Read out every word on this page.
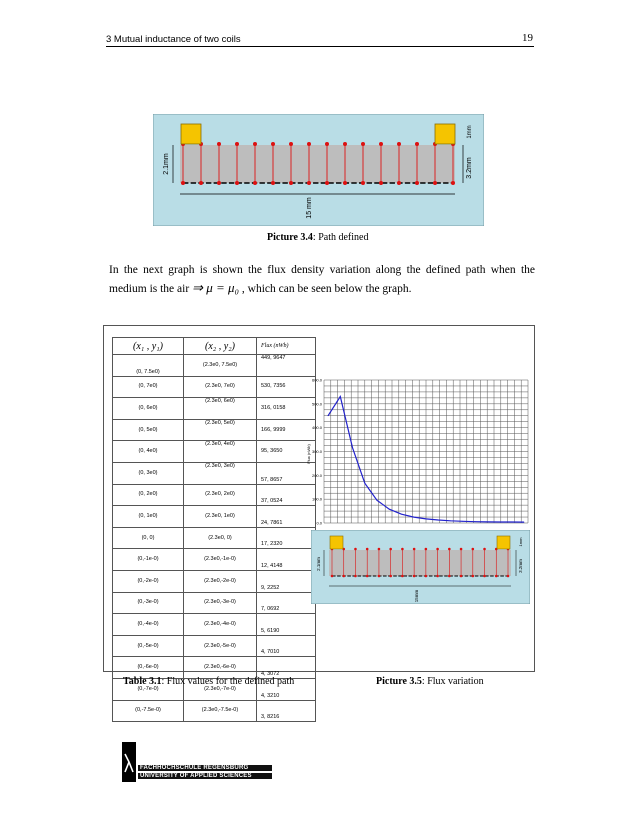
3 Mutual inductance of two coils	19
2.1mm	3.2mm
1mm
15 mm
Picture 3.4: Path defined
In the next graph is shown the flux density variation along the defined path when the medium is the air ⇒ μ = μ₀ , which can be seen below the graph.
(x₁ , y₁)	(x₂ , y₂)	Flux (nWb)
(0, 7.5e0)	(2.3e0, 7.5e0)	449, 9647
(0, 7e0)	(2.3e0, 7e0)	530, 7356
(0, 6e0)	(2.3e0, 6e0)	316, 0158
(0, 5e0)	(2.3e0, 5e0)	166, 9999
(0, 4e0)	(2.3e0, 4e0)	95, 3650
(0, 3e0)	(2.3e0, 3e0)	57, 8657
(0, 2e0)	(2.3e0, 2e0)	37, 0524
(0, 1e0)	(2.3e0, 1e0)	24, 7861
(0, 0)	(2.3e0, 0)	17, 2320
(0,-1e-0)	(2.3e0,-1e-0)	12, 4148
(0,-2e-0)	(2.3e0,-2e-0)	9, 2252
(0,-3e-0)	(2.3e0,-3e-0)	7, 0692
(0,-4e-0)	(2.3e0,-4e-0)	5, 6190
(0,-5e-0)	(2.3e0,-5e-0)	4, 7010
(0,-6e-0)	(2.3e0,-6e-0)	4, 3072
(0,-7e-0)	(2.3e0,-7e-0)	4, 3210
(0,-7.5e-0)	(2.3e0,-7.5e-0)	3, 8216
0.0
100.0
200.0
300.0
400.0
500.0
600.0
Flux (nWb)
2.1mm	3.2mm
1mm
15mm
Table 3.1: Flux values for the defined path	Picture 3.5: Flux variation
FACHHOCHSCHULE REGENSBURG
UNIVERSITY OF APPLIED SCIENCES
